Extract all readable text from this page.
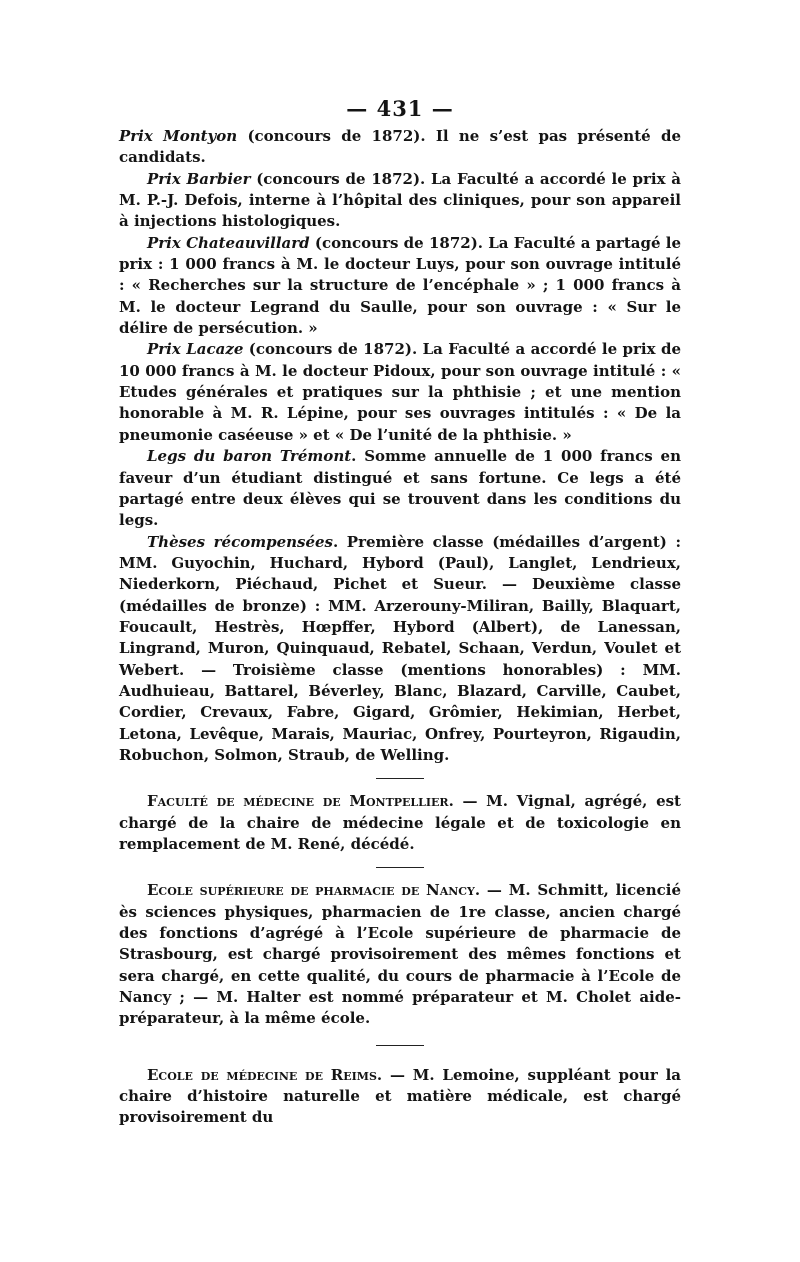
— 431 —

Prix Montyon (concours de 1872). Il ne s’est pas présenté de candidats.

Prix Barbier (concours de 1872). La Faculté a accordé le prix à M. P.-J. Defois, interne à l’hôpital des cliniques, pour son appareil à injections histologiques.

Prix Chateauvillard (concours de 1872). La Faculté a partagé le prix : 1 000 francs à M. le docteur Luys, pour son ouvrage intitulé : « Recherches sur la structure de l’encéphale » ; 1 000 francs à M. le docteur Legrand du Saulle, pour son ouvrage : « Sur le délire de persécution. »

Prix Lacaze (concours de 1872). La Faculté a accordé le prix de 10 000 francs à M. le docteur Pidoux, pour son ouvrage intitulé : « Etudes générales et pratiques sur la phthisie ; et une mention honorable à M. R. Lépine, pour ses ouvrages intitulés : « De la pneumonie caséeuse » et « De l’unité de la phthisie. »

Legs du baron Trémont. Somme annuelle de 1 000 francs en faveur d’un étudiant distingué et sans fortune. Ce legs a été partagé entre deux élèves qui se trouvent dans les conditions du legs.

Thèses récompensées. Première classe (médailles d’argent) : MM. Guyochin, Huchard, Hybord (Paul), Langlet, Lendrieux, Niederkorn, Piéchaud, Pichet et Sueur. — Deuxième classe (médailles de bronze) : MM. Arzerouny-Miliran, Bailly, Blaquart, Foucault, Hestrès, Hœpffer, Hybord (Albert), de Lanessan, Lingrand, Muron, Quinquaud, Rebatel, Schaan, Verdun, Voulet et Webert. — Troisième classe (mentions honorables) : MM. Audhuieau, Battarel, Béverley, Blanc, Blazard, Carville, Caubet, Cordier, Crevaux, Fabre, Gigard, Grômier, Hekimian, Herbet, Letona, Levêque, Marais, Mauriac, Onfrey, Pourteyron, Rigaudin, Robuchon, Solmon, Straub, de Welling.

Faculté de médecine de Montpellier. — M. Vignal, agrégé, est chargé de la chaire de médecine légale et de toxicologie en remplacement de M. René, décédé.

Ecole supérieure de pharmacie de Nancy. — M. Schmitt, licencié ès sciences physiques, pharmacien de 1re classe, ancien chargé des fonctions d’agrégé à l’Ecole supérieure de pharmacie de Strasbourg, est chargé provisoirement des mêmes fonctions et sera chargé, en cette qualité, du cours de pharmacie à l’Ecole de Nancy ; — M. Halter est nommé préparateur et M. Cholet aide-préparateur, à la même école.

Ecole de médecine de Reims. — M. Lemoine, suppléant pour la chaire d’histoire naturelle et matière médicale, est chargé provisoirement du
